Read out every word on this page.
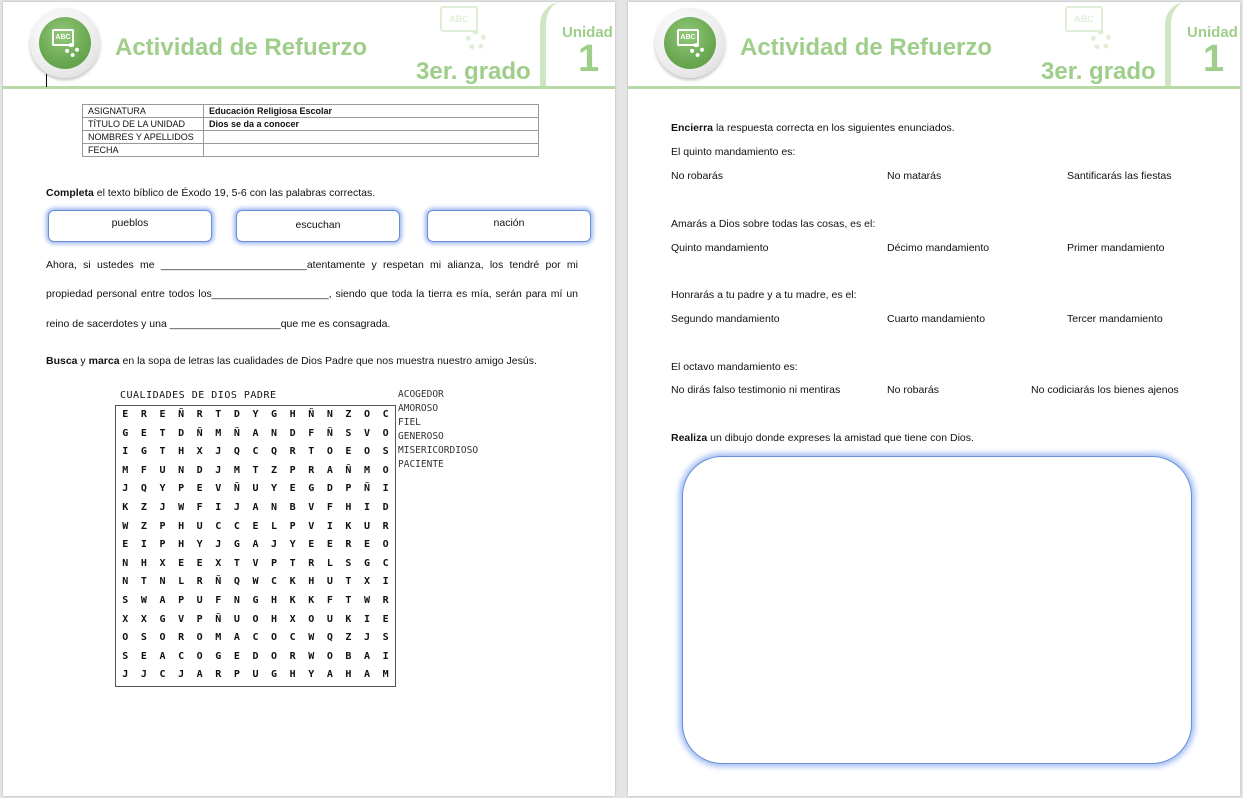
ABC Actividad de Refuerzo
ABC
3er. grado
Unidad
1
ASIGNATURA	Educación Religiosa Escolar
TÍTULO DE LA UNIDAD	Dios se da a conocer
NOMBRES Y APELLIDOS	
FECHA	
Completa el texto bíblico de Éxodo 19, 5-6 con las palabras correctas.
pueblos	escuchan	nación
Ahora, si ustedes me _________________________atentamente y respetan mi alianza, los tendré por mi
propiedad personal entre todos los____________________, siendo que toda la tierra es mía, serán para mí un
reino de sacerdotes y una ___________________que me es consagrada.
Busca y marca en la sopa de letras las cualidades de Dios Padre que nos muestra nuestro amigo Jesús.
CUALIDADES DE DIOS PADRE
E	R	E	Ñ	R	T	D	Y	G	H	Ñ	N	Z	O	C
G	E	T	D	Ñ	M	Ñ	A	N	D	F	Ñ	S	V	O
I	G	T	H	X	J	Q	C	Q	R	T	O	E	O	S
M	F	U	N	D	J	M	T	Z	P	R	A	Ñ	M	O
J	Q	Y	P	E	V	Ñ	U	Y	E	G	D	P	Ñ	I
K	Z	J	W	F	I	J	A	N	B	V	F	H	I	D
W	Z	P	H	U	C	C	E	L	P	V	I	K	U	R
E	I	P	H	Y	J	G	A	J	Y	E	E	R	E	O
N	H	X	E	E	X	T	V	P	T	R	L	S	G	C
N	T	N	L	R	Ñ	Q	W	C	K	H	U	T	X	I
S	W	A	P	U	F	N	G	H	K	K	F	T	W	R
X	X	G	V	P	Ñ	U	O	H	X	O	U	K	I	E
O	S	O	R	O	M	A	C	O	C	W	Q	Z	J	S
S	E	A	C	O	G	E	D	O	R	W	O	B	A	I
J	J	C	J	A	R	P	U	G	H	Y	A	H	A	M
ACOGEDOR
AMOROSO
FIEL
GENEROSO
MISERICORDIOSO
PACIENTE
ABC Actividad de Refuerzo
ABC
3er. grado
Unidad
1
Encierra la respuesta correcta en los siguientes enunciados.
El quinto mandamiento es:
No robarás	No matarás	Santificarás las fiestas
Amarás a Dios sobre todas las cosas, es el:
Quinto mandamiento	Décimo mandamiento	Primer mandamiento
Honrarás a tu padre y a tu madre, es el:
Segundo mandamiento	Cuarto mandamiento	Tercer mandamiento
El octavo mandamiento es:
No dirás falso testimonio ni mentiras	No robarás	No codiciarás los bienes ajenos
Realiza un dibujo donde expreses la amistad que tiene con Dios.
